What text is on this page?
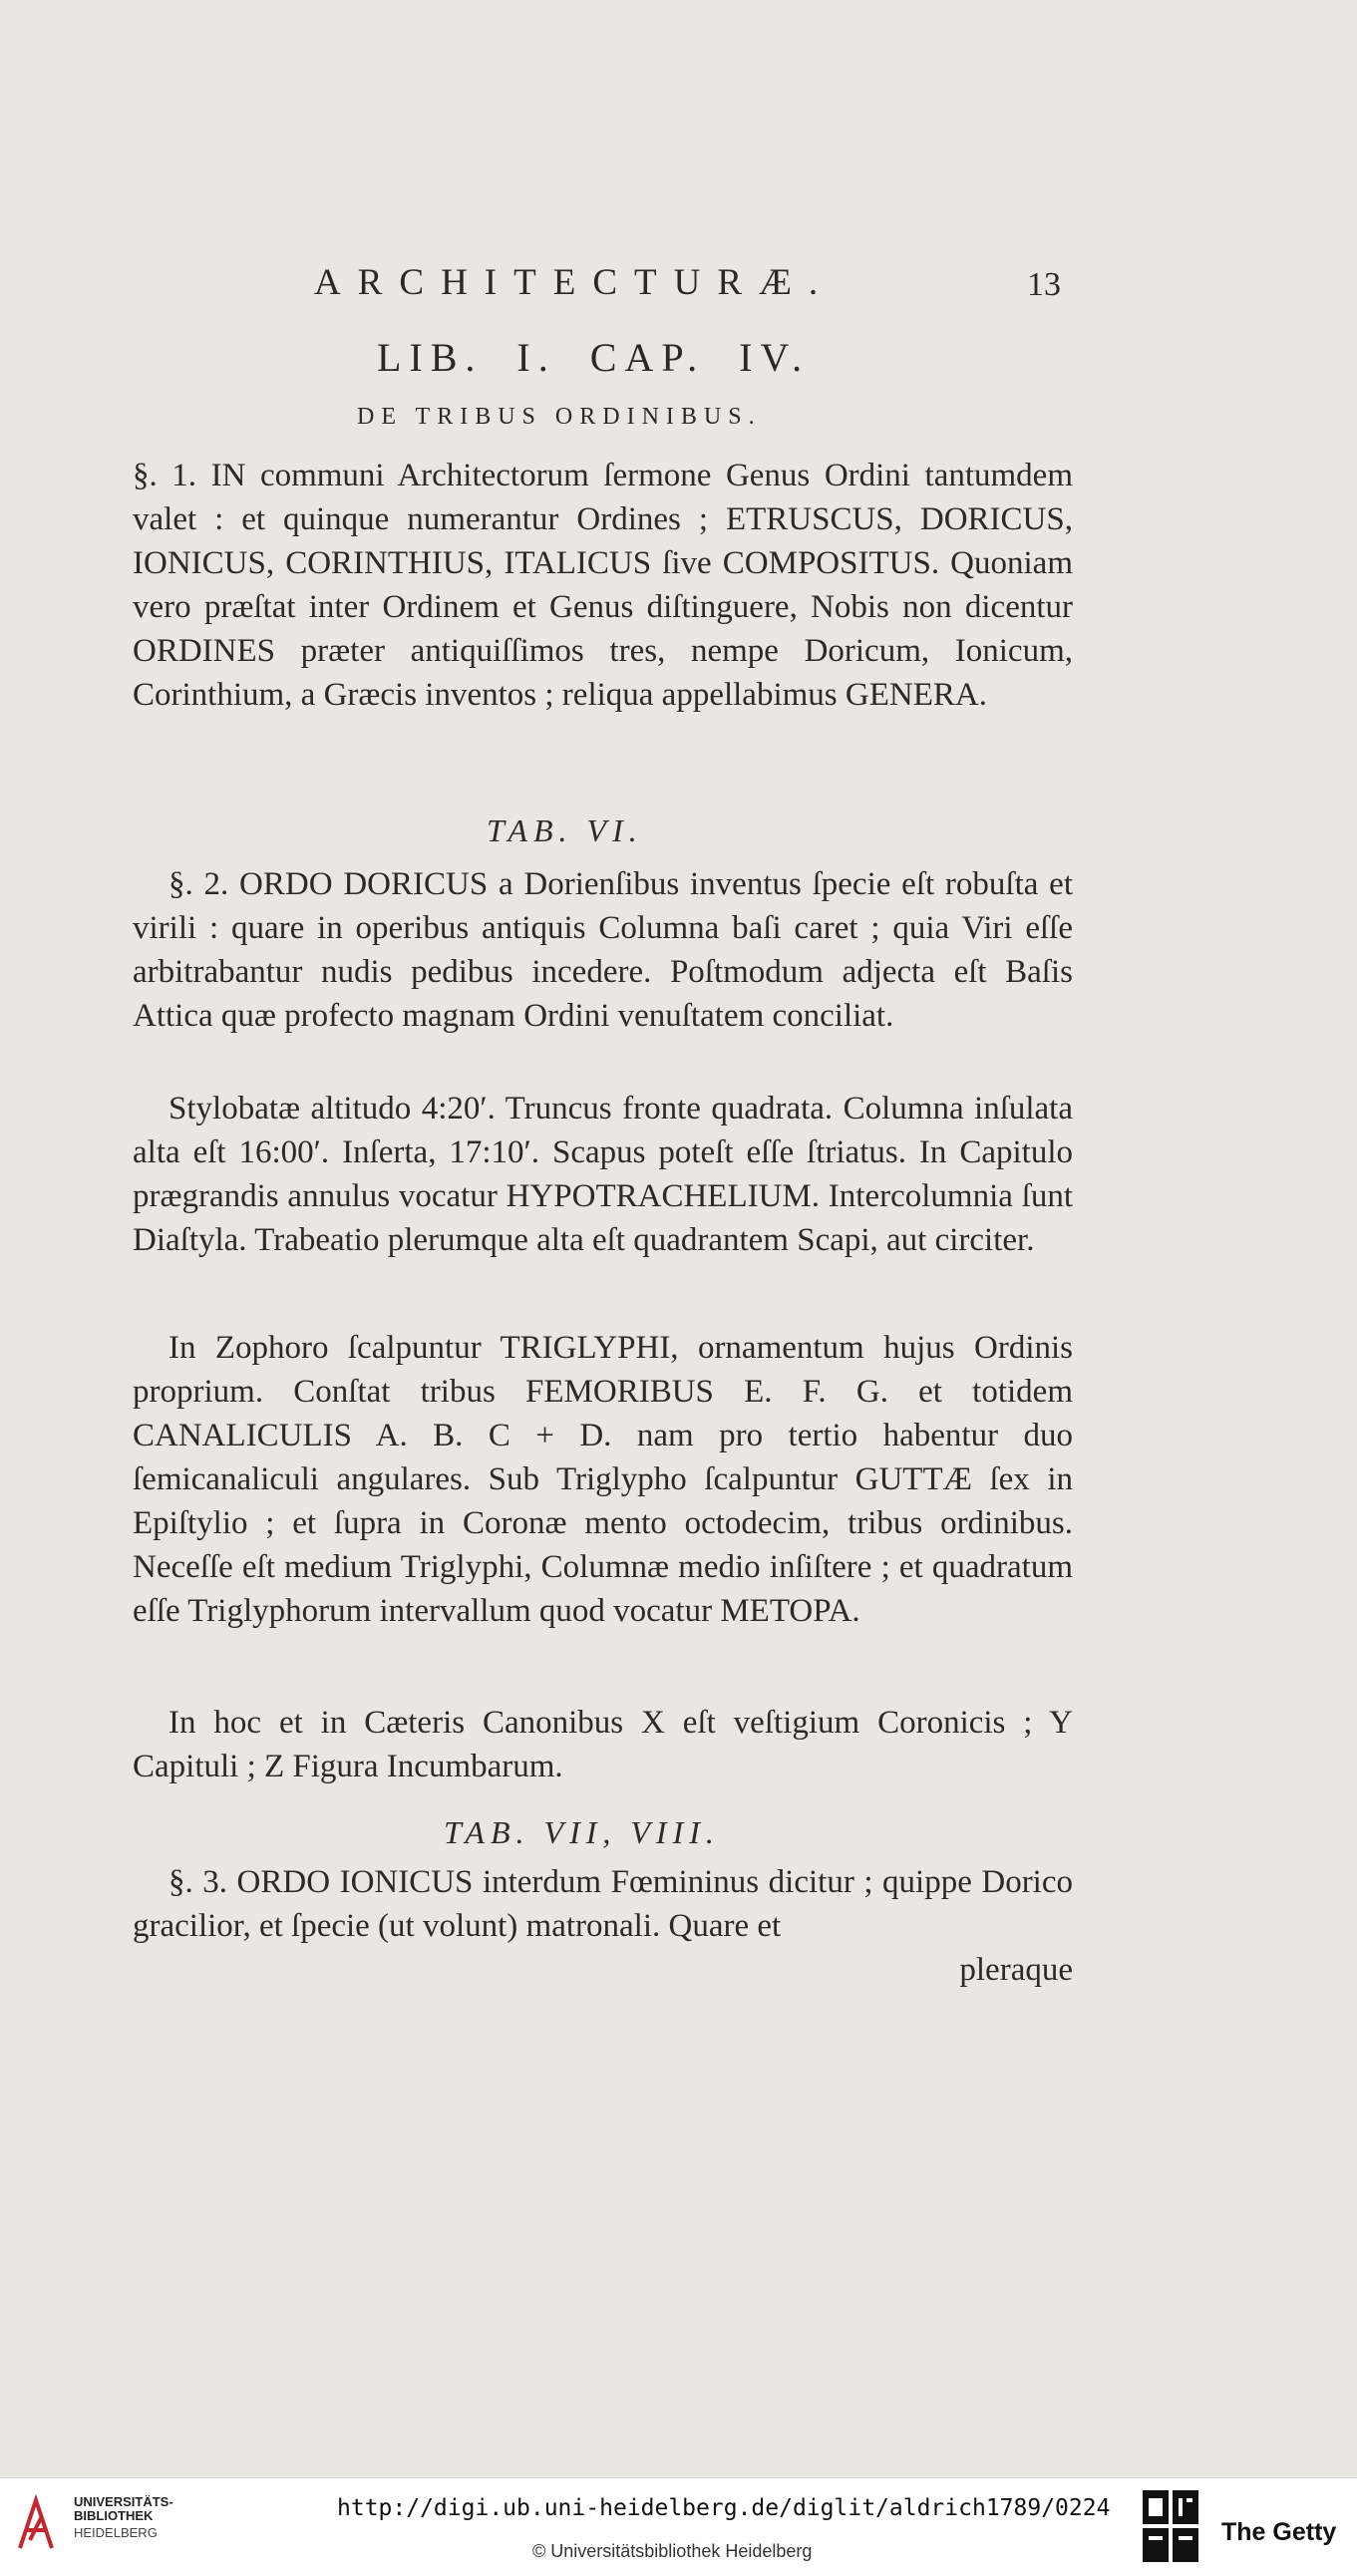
ARCHITECTURÆ.	13
LIB. I. CAP. IV.
DE TRIBUS ORDINIBUS.
§. 1. IN communi Architectorum ſermone Genus Ordini tantumdem valet : et quinque numerantur Ordines ; ETRUSCUS, DORICUS, IONICUS, CORINTHIUS, ITALICUS ſive COMPOSITUS. Quoniam vero præſtat inter Ordinem et Genus diſtinguere, Nobis non dicentur ORDINES præter antiquiſſimos tres, nempe Doricum, Ionicum, Corinthium, a Græcis inventos ; reliqua appellabimus GENERA.
TAB. VI.
§. 2. ORDO DORICUS a Dorienſibus inventus ſpecie eſt robuſta et virili : quare in operibus antiquis Columna baſi caret ; quia Viri eſſe arbitrabantur nudis pedibus incedere. Poſtmodum adjecta eſt Baſis Attica quæ profecto magnam Ordini venuſtatem conciliat.
Stylobatæ altitudo 4:20′. Truncus fronte quadrata. Columna inſulata alta eſt 16:00′. Inſerta, 17:10′. Scapus poteſt eſſe ſtriatus. In Capitulo prægrandis annulus vocatur HYPOTRACHELIUM. Intercolumnia ſunt Diaſtyla. Trabeatio plerumque alta eſt quadrantem Scapi, aut circiter.
In Zophoro ſcalpuntur TRIGLYPHI, ornamentum hujus Ordinis proprium. Conſtat tribus FEMORIBUS E. F. G. et totidem CANALICULIS A. B. C + D. nam pro tertio habentur duo ſemicanaliculi angulares. Sub Triglypho ſcalpuntur GUTTÆ ſex in Epiſtylio ; et ſupra in Coronæ mento octodecim, tribus ordinibus. Neceſſe eſt medium Triglyphi, Columnæ medio inſiſtere ; et quadratum eſſe Triglyphorum intervallum quod vocatur METOPA.
In hoc et in Cæteris Canonibus X eſt veſtigium Coronicis ; Y Capituli ; Z Figura Incumbarum.
TAB. VII, VIII.
§. 3. ORDO IONICUS interdum Fœmininus dicitur ; quippe Dorico gracilior, et ſpecie (ut volunt) matronali. Quare et
pleraque
UNIVERSITÄTS-
BIBLIOTHEK
HEIDELBERG
http://digi.ub.uni-heidelberg.de/diglit/aldrich1789/0224
© Universitätsbibliothek Heidelberg
The Getty
